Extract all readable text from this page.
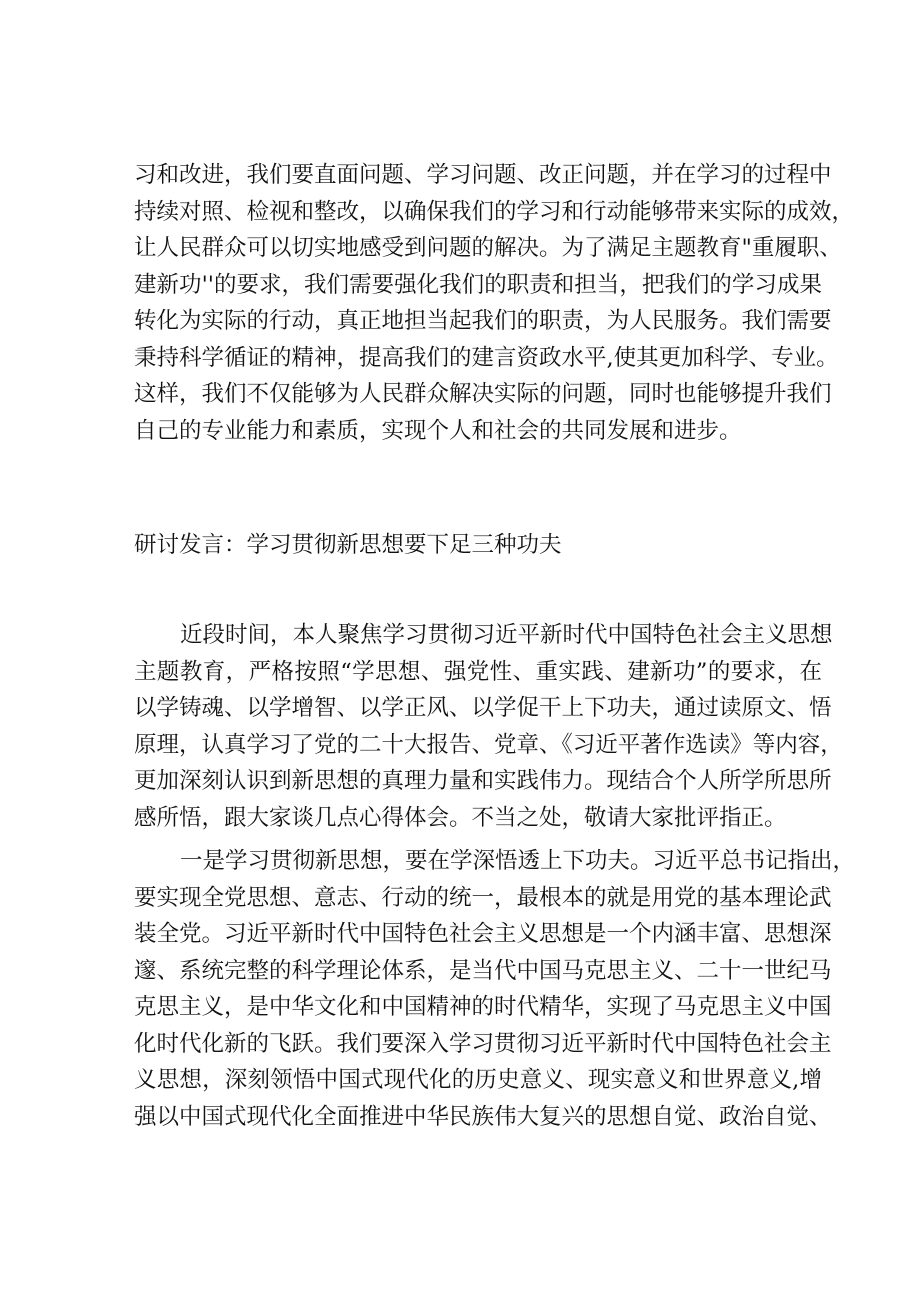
习和改进，我们要直面问题、学习问题、改正问题，并在学习的过程中
持续对照、检视和整改，以确保我们的学习和行动能够带来实际的成效，
让人民群众可以切实地感受到问题的解决。为了满足主题教育"重履职、
建新功''的要求，我们需要强化我们的职责和担当，把我们的学习成果
转化为实际的行动，真正地担当起我们的职责，为人民服务。我们需要
秉持科学循证的精神，提高我们的建言资政水平,使其更加科学、专业。
这样，我们不仅能够为人民群众解决实际的问题，同时也能够提升我们
自己的专业能力和素质，实现个人和社会的共同发展和进步。
研讨发言：学习贯彻新思想要下足三种功夫
近段时间，本人聚焦学习贯彻习近平新时代中国特色社会主义思想
主题教育，严格按照“学思想、强党性、重实践、建新功”的要求，在
以学铸魂、以学增智、以学正风、以学促干上下功夫，通过读原文、悟
原理，认真学习了党的二十大报告、党章、《习近平著作选读》等内容，
更加深刻认识到新思想的真理力量和实践伟力。现结合个人所学所思所
感所悟，跟大家谈几点心得体会。不当之处，敬请大家批评指正。
一是学习贯彻新思想，要在学深悟透上下功夫。习近平总书记指出，
要实现全党思想、意志、行动的统一，最根本的就是用党的基本理论武
装全党。习近平新时代中国特色社会主义思想是一个内涵丰富、思想深
邃、系统完整的科学理论体系，是当代中国马克思主义、二十一世纪马
克思主义，是中华文化和中国精神的时代精华，实现了马克思主义中国
化时代化新的飞跃。我们要深入学习贯彻习近平新时代中国特色社会主
义思想，深刻领悟中国式现代化的历史意义、现实意义和世界意义,增
强以中国式现代化全面推进中华民族伟大复兴的思想自觉、政治自觉、
